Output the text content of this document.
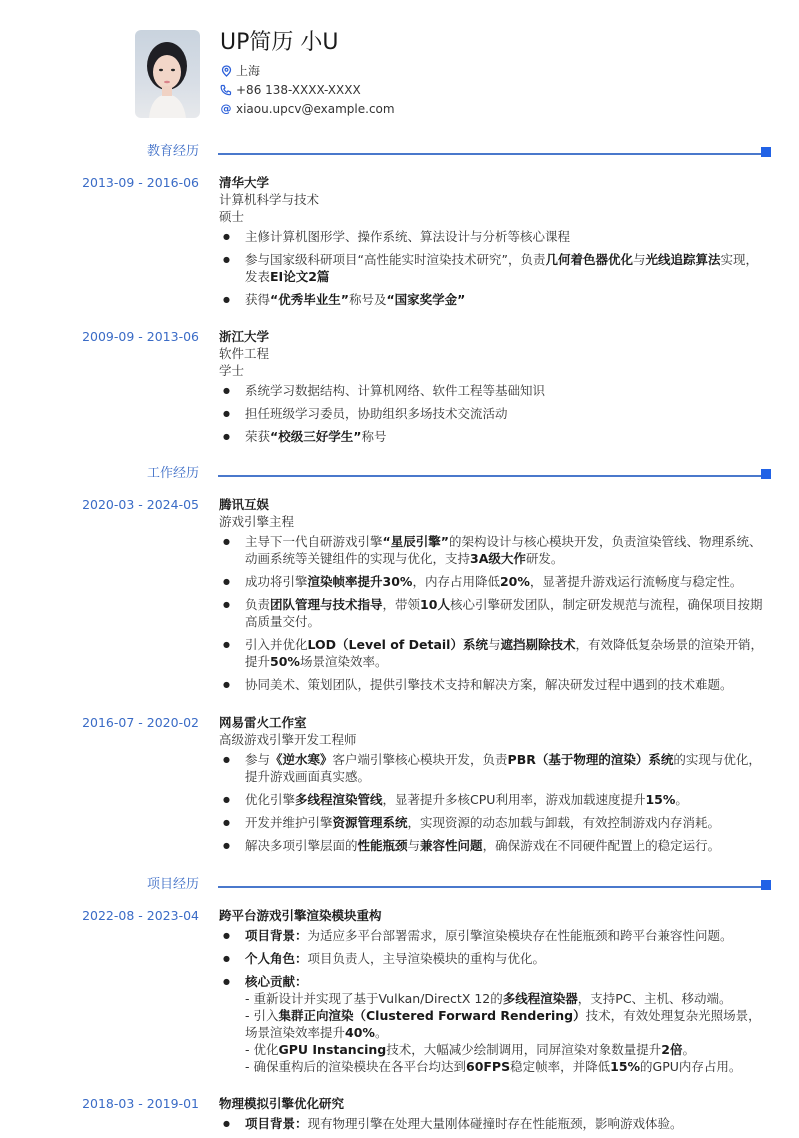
UP简历 小U
上海
+86 138-XXXX-XXXX
@ xiaou.upcv@example.com
教育经历
2013-09 - 2016-06 清华大学
计算机科学与技术
硕士
● 主修计算机图形学、操作系统、算法设计与分析等核心课程
● 参与国家级科研项目“高性能实时渲染技术研究”，负责几何着色器优化与光线追踪算法实现，发表EI论文2篇
● 获得“优秀毕业生”称号及“国家奖学金”
2009-09 - 2013-06 浙江大学
软件工程
学士
● 系统学习数据结构、计算机网络、软件工程等基础知识
● 担任班级学习委员，协助组织多场技术交流活动
● 荣获“校级三好学生”称号
工作经历
2020-03 - 2024-05 腾讯互娱
游戏引擎主程
● 主导下一代自研游戏引擎“星辰引擎”的架构设计与核心模块开发，负责渲染管线、物理系统、动画系统等关键组件的实现与优化，支持3A级大作研发。
● 成功将引擎渲染帧率提升30%，内存占用降低20%，显著提升游戏运行流畅度与稳定性。
● 负责团队管理与技术指导，带领10人核心引擎研发团队，制定研发规范与流程，确保项目按期高质量交付。
● 引入并优化LOD（Level of Detail）系统与遮挡剔除技术，有效降低复杂场景的渲染开销，提升50%场景渲染效率。
● 协同美术、策划团队，提供引擎技术支持和解决方案，解决研发过程中遇到的技术难题。
2016-07 - 2020-02 网易雷火工作室
高级游戏引擎开发工程师
● 参与《逆水寒》客户端引擎核心模块开发，负责PBR（基于物理的渲染）系统的实现与优化，提升游戏画面真实感。
● 优化引擎多线程渲染管线，显著提升多核CPU利用率，游戏加载速度提升15%。
● 开发并维护引擎资源管理系统，实现资源的动态加载与卸载，有效控制游戏内存消耗。
● 解决多项引擎层面的性能瓶颈与兼容性问题，确保游戏在不同硬件配置上的稳定运行。
项目经历
2022-08 - 2023-04 跨平台游戏引擎渲染模块重构
● 项目背景：为适应多平台部署需求，原引擎渲染模块存在性能瓶颈和跨平台兼容性问题。
● 个人角色：项目负责人，主导渲染模块的重构与优化。
● 核心贡献：
- 重新设计并实现了基于Vulkan/DirectX 12的多线程渲染器，支持PC、主机、移动端。
- 引入集群正向渲染（Clustered Forward Rendering）技术，有效处理复杂光照场景，场景渲染效率提升40%。
- 优化GPU Instancing技术，大幅减少绘制调用，同屏渲染对象数量提升2倍。
- 确保重构后的渲染模块在各平台均达到60FPS稳定帧率，并降低15%的GPU内存占用。
2018-03 - 2019-01 物理模拟引擎优化研究
● 项目背景：现有物理引擎在处理大量刚体碰撞时存在性能瓶颈，影响游戏体验。
